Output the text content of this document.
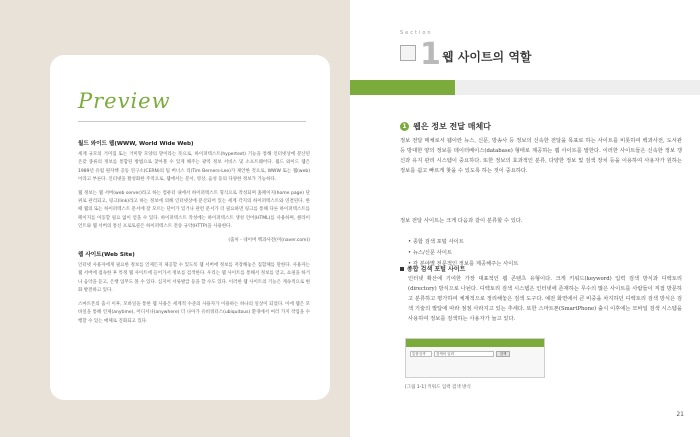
Preview
월드 와이드 웹(WWW, World Wide Web)

세계 규모의 거미집 또는 거미망 모양의 망이라는 뜻으로, 하이퍼텍스트(hypertext) 기능을 통해 인터넷상에 분산된 온갖 종류의 정보를 통합된 방법으로 찾아볼 수 있게 해주는 광역 정보 서비스 및 소프트웨어다. 월드 와이드 웹은 1989년 유럽 원자핵 공동 연구소(CERN)의 팀 버너스 리(Tim Berners-Lee)가 제안한 것으로, WWW 또는 웹(web)이라고 부른다. 인터넷을 활성화한 주역으로, 웹에서는 문서, 영상, 음성 등의 다양한 정보가 가능하다.

웹 정보는 웹 서버(web server)라고 하는 컴퓨터 내에서 하이퍼텍스트 형식으로 작성되며 홈페이지(home page) 단위로 관리되고, 링크(link)라고 하는 정보에 의해 인터넷상에 분산되어 있는 세계 각지의 하이퍼텍스트와 연결된다. 한때 웹의 또는 하이퍼텍스트 문서에 잘 모르는 단어가 있거나 관련 문서가 더 필요하면 링크를 통해 다른 하이퍼텍스트를 페이지를 이동할 필요 없이 얻을 수 있다. 하이퍼텍스트 작성에는 하이퍼텍스트 생성 언어(HTML)를 사용하며, 클라이언트와 웹 서버의 통신 프로토콜은 하이퍼텍스트 전송 규약(HTTP)을 사용한다.

(출처 - 네이버 백과사전(미(naver.com))

웹 사이트(Web Site)

인터넷 사용자에게 필요한 정보를 언제든지 제공할 수 있도록 웹 서버에 정보를 저장해놓은 집합체를 말한다. 사용자는 웹 서버에 접속한 후 특정 웹 사이트에 들어가서 정보를 검색한다. 우리는 웹 사이트를 통해서 정보를 얻고, 쇼핑을 하거나 음악을 듣고, 은행 업무도 볼 수 있다. 심지어 서류발급 등을 할 수도 있다. 이러한 웹 사이트의 기능은 계속적으로 변화 발전하고 있다.

스마트폰의 출시 이후, 모바일을 통한 웹 사용은 세계적 수준의 사용자가 이용하는 하나의 일상이 되었다. 이에 웹은 모바일을 통해 언제(anytime), 어디서나(anywhere) 더 나아가 유비쿼터스(ubiquitous) 환경에서 여러 가지 작업을 수행할 수 있는 매체로 진화되고 있다.

Section
1 웹 사이트의 역할
1 웹은 정보 전달 매체다
정보 전달 매체로서 웹이란 뉴스, 신문, 방송사 등 정보의 신속한 전달을 목표로 하는 사이트를 비롯하여 백과사전, 도서관 등 방대한 양의 정보를 데이터베이스(database) 형태로 제공하는 웹 사이트를 말한다. 이러한 사이트들은 신속한 정보 갱신과 유지 관리 시스템이 중요하다. 또한 정보의 효과적인 분류, 다양한 정보 및 검색 장치 등을 이용하여 사용자가 원하는 정보를 쉽고 빠르게 찾을 수 있도록 하는 것이 중요하다.
정보 전달 사이트는 크게 다음과 같이 분류할 수 있다.
• 종합 검색 포털 사이트
• 뉴스/신문 사이트
• 각 분야별 전문적인 정보를 제공해주는 사이트
종합 검색 포털 사이트
인터넷 확산에 기여한 가장 대표적인 웹 콘텐츠 유형이다. 크게 키워드(keyword) 입력 검색 방식과 디렉토리(directory) 방식으로 나뉜다. 디렉토리 검색 시스템은 인터넷에 존재하는 무수의 많은 사이트를 사람들이 직접 방문하고 분류하고 평가하여 체계적으로 정리해놓은 검색 도구다. 예전 화면에서 큰 비중을 차지하던 디렉토리 검색 방식은 검색 기술의 발달에 따라 점점 사라지고 있는 추세다. 또한 스마트폰(SmartPhone) 출시 이후에는 모바일 검색 시스템을 사용하여 정보를 검색하는 사용자가 늘고 있다.
통합검색	검색어 입력	검색
[그림 1-1] 키워드 입력 검색 방식
21
